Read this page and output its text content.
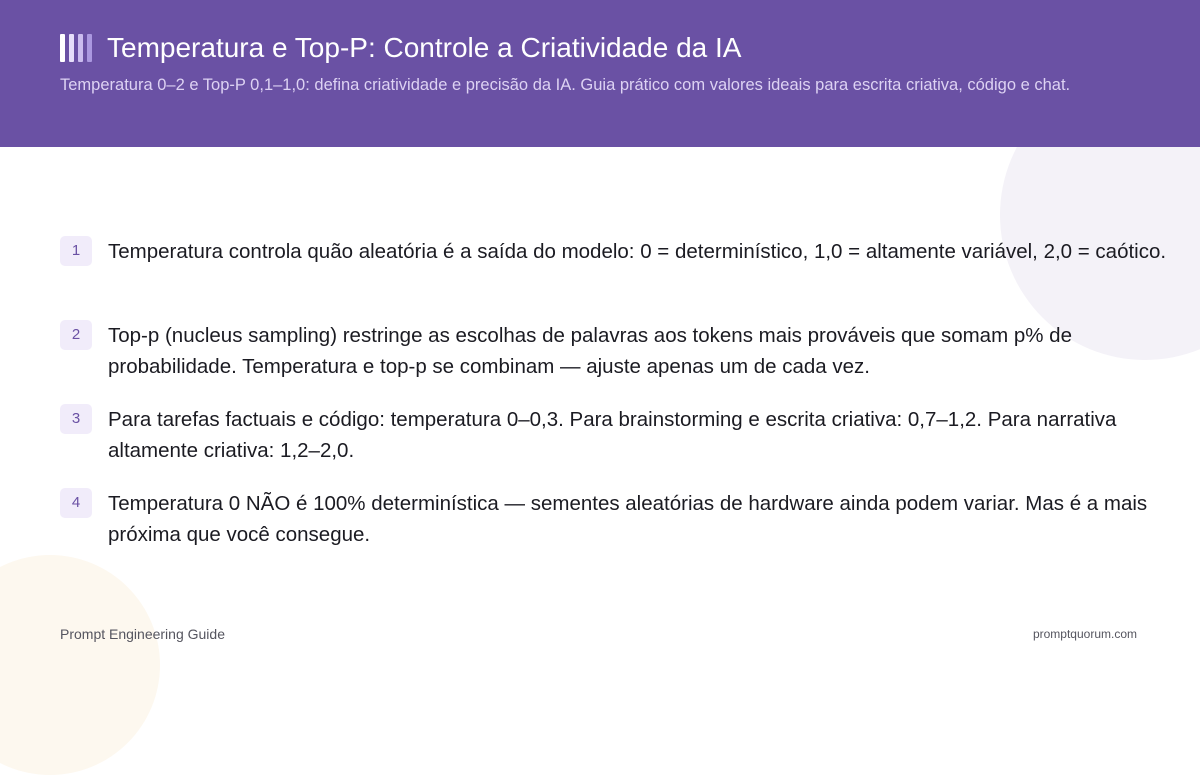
Temperatura e Top-P: Controle a Criatividade da IA

Temperatura 0–2 e Top-P 0,1–1,0: defina criatividade e precisão da IA. Guia prático com valores ideais para escrita criativa, código e chat.

1	Temperatura controla quão aleatória é a saída do modelo: 0 = determinístico, 1,0 = altamente variável, 2,0 = caótico.

2	Top-p (nucleus sampling) restringe as escolhas de palavras aos tokens mais prováveis que somam p% de probabilidade. Temperatura e top-p se combinam — ajuste apenas um de cada vez.

3	Para tarefas factuais e código: temperatura 0–0,3. Para brainstorming e escrita criativa: 0,7–1,2. Para narrativa altamente criativa: 1,2–2,0.

4	Temperatura 0 NÃO é 100% determinística — sementes aleatórias de hardware ainda podem variar. Mas é a mais próxima que você consegue.

Prompt Engineering Guide	promptquorum.com
